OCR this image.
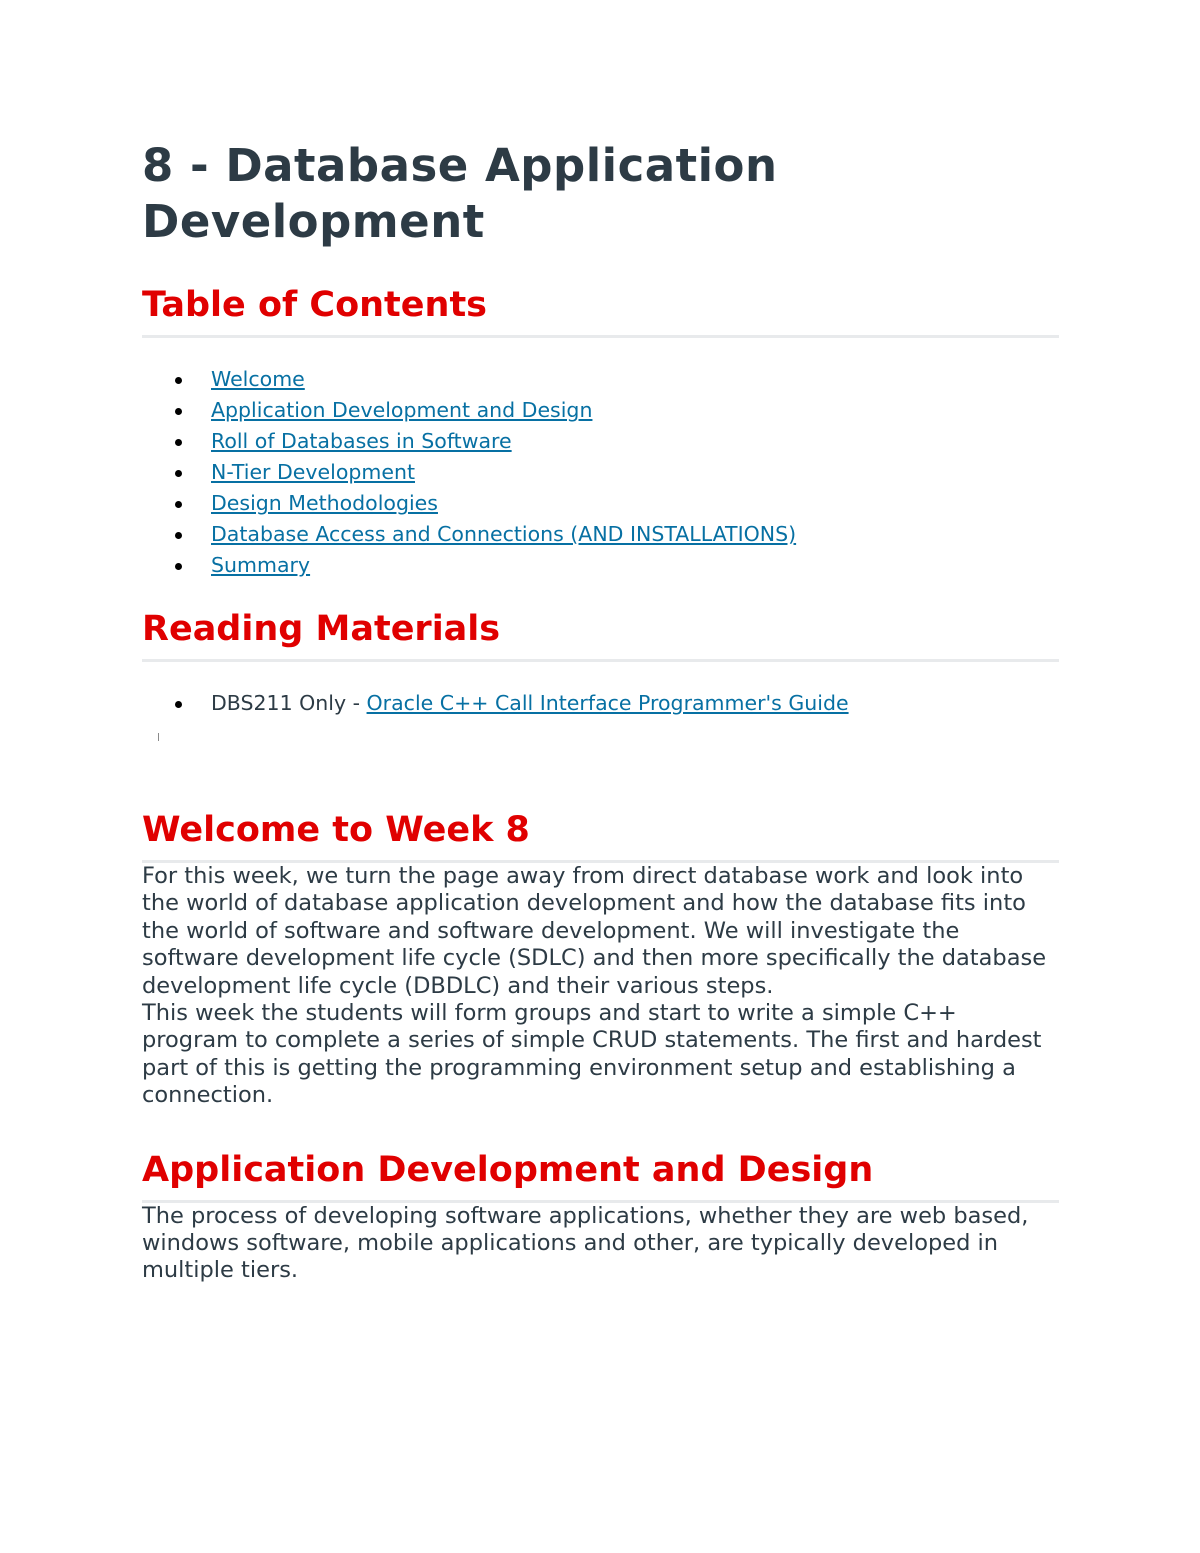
8 - Database Application Development
Table of Contents
Welcome
Application Development and Design
Roll of Databases in Software
N-Tier Development
Design Methodologies
Database Access and Connections (AND INSTALLATIONS)
Summary
Reading Materials
DBS211 Only - Oracle C++ Call Interface Programmer's Guide
Welcome to Week 8

For this week, we turn the page away from direct database work and look into the world of database application development and how the database fits into the world of software and software development. We will investigate the software development life cycle (SDLC) and then more specifically the database development life cycle (DBDLC) and their various steps.

This week the students will form groups and start to write a simple C++ program to complete a series of simple CRUD statements. The first and hardest part of this is getting the programming environment setup and establishing a connection.

Application Development and Design

The process of developing software applications, whether they are web based, windows software, mobile applications and other, are typically developed in multiple tiers.
